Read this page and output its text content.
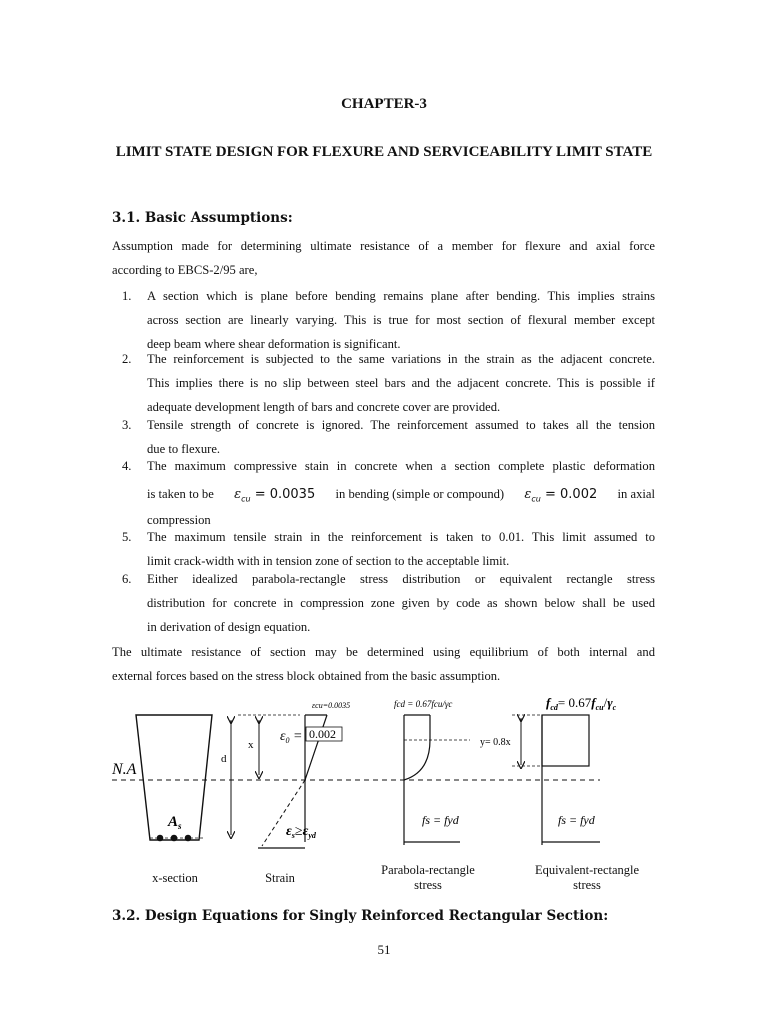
CHAPTER-3
LIMIT STATE DESIGN FOR FLEXURE AND SERVICEABILITY LIMIT STATE
3.1. Basic Assumptions:
Assumption made for determining ultimate resistance of a member for flexure and axial force
according to EBCS-2/95 are,
1.	A section which is plane before bending remains plane after bending. This implies strains
across section are linearly varying. This is true for most section of flexural member except
deep beam where shear deformation is significant.
2.	The reinforcement is subjected to the same variations in the strain as the adjacent concrete.
This implies there is no slip between steel bars and the adjacent concrete. This is possible if
adequate development length of bars and concrete cover are provided.
3.	Tensile strength of concrete is ignored. The reinforcement assumed to takes all the tension
due to flexure.
4.	The maximum compressive stain in concrete when a section complete plastic deformation
is taken to be $\varepsilon_{cu} = 0.0035$ in bending (simple or compound) $\varepsilon_{cu} = 0.002$ in axial
compression
5.	The maximum tensile strain in the reinforcement is taken to 0.01. This limit assumed to
limit crack-width with in tension zone of section to the acceptable limit.
6.	Either idealized parabola-rectangle stress distribution or equivalent rectangle stress
distribution for concrete in compression zone given by code as shown below shall be used
in derivation of design equation.
The ultimate resistance of section may be determined using equilibrium of both internal and
external forces based on the stress block obtained from the basic assumption.
N.A
$A_s$
d
x
εcu=0.0035
$\varepsilon_0 = 0.002$
$\varepsilon_s\ge\varepsilon_{yd}$
fcd = 0.67fcu/γc
fs = fyd
y= 0.8x
$f_{cd}= 0.67f_{cu}/\gamma_c$
fs = fyd
x-section	Strain
Parabola-rectangle
stress
Equivalent-rectangle
stress
3.2. Design Equations for Singly Reinforced Rectangular Section:
51
